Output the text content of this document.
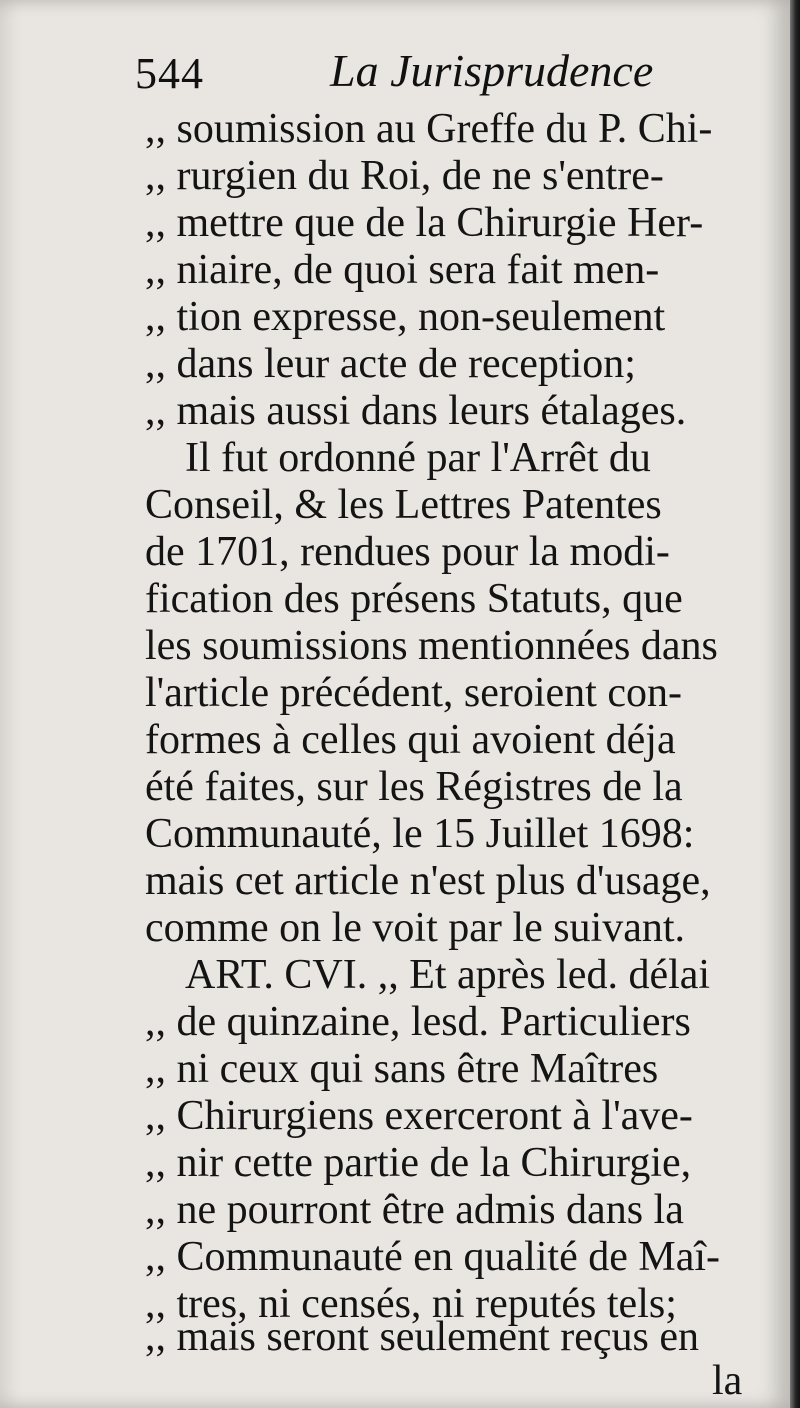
544	La Jurisprudence
,, soumission au Greffe du P. Chi-
,, rurgien du Roi, de ne s'entre-
,, mettre que de la Chirurgie Her-
,, niaire, de quoi sera fait men-
,, tion expresse, non-seulement
,, dans leur acte de reception;
,, mais aussi dans leurs étalages.
Il fut ordonné par l'Arrêt du
Conseil, & les Lettres Patentes
de 1701, rendues pour la modi-
fication des présens Statuts, que
les soumissions mentionnées dans
l'article précédent, seroient con-
formes à celles qui avoient déja
été faites, sur les Régistres de la
Communauté, le 15 Juillet 1698:
mais cet article n'est plus d'usage,
comme on le voit par le suivant.
ART. CVI. ,, Et après led. délai
,, de quinzaine, lesd. Particuliers
,, ni ceux qui sans être Maîtres
,, Chirurgiens exerceront à l'ave-
,, nir cette partie de la Chirurgie,
,, ne pourront être admis dans la
,, Communauté en qualité de Maî-
,, tres, ni censés, ni reputés tels;
,, mais seront seulement reçus en
la
